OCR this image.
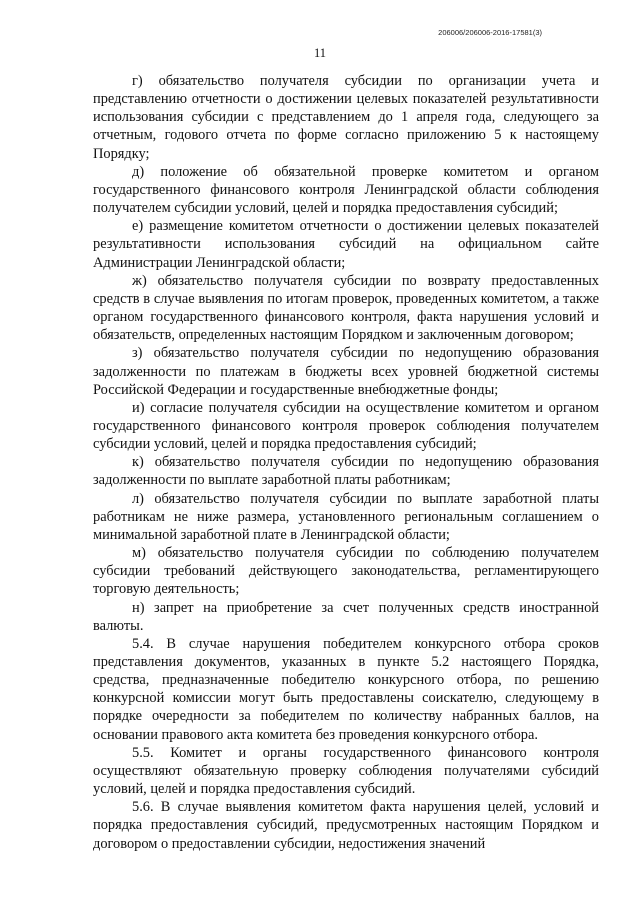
206006/206006-2016-17581(3)
11

г) обязательство получателя субсидии по организации учета и представлению отчетности о достижении целевых показателей результативности использования субсидии с представлением до 1 апреля года, следующего за отчетным, годового отчета по форме согласно приложению 5 к настоящему Порядку;

д) положение об обязательной проверке комитетом и органом государственного финансового контроля Ленинградской области соблюдения получателем субсидии условий, целей и порядка предоставления субсидий;

е) размещение комитетом отчетности о достижении целевых показателей результативности использования субсидий на официальном сайте Администрации Ленинградской области;

ж) обязательство получателя субсидии по возврату предоставленных средств в случае выявления по итогам проверок, проведенных комитетом, а также органом государственного финансового контроля, факта нарушения условий и обязательств, определенных настоящим Порядком и заключенным договором;

з) обязательство получателя субсидии по недопущению образования задолженности по платежам в бюджеты всех уровней бюджетной системы Российской Федерации и государственные внебюджетные фонды;

и) согласие получателя субсидии на осуществление комитетом и органом государственного финансового контроля проверок соблюдения получателем субсидии условий, целей и порядка предоставления субсидий;

к) обязательство получателя субсидии по недопущению образования задолженности по выплате заработной платы работникам;

л) обязательство получателя субсидии по выплате заработной платы работникам не ниже размера, установленного региональным соглашением о минимальной заработной плате в Ленинградской области;

м) обязательство получателя субсидии по соблюдению получателем субсидии требований действующего законодательства, регламентирующего торговую деятельность;

н) запрет на приобретение за счет полученных средств иностранной валюты.

5.4. В случае нарушения победителем конкурсного отбора сроков представления документов, указанных в пункте 5.2 настоящего Порядка, средства, предназначенные победителю конкурсного отбора, по решению конкурсной комиссии могут быть предоставлены соискателю, следующему в порядке очередности за победителем по количеству набранных баллов, на основании правового акта комитета без проведения конкурсного отбора.

5.5. Комитет и органы государственного финансового контроля осуществляют обязательную проверку соблюдения получателями субсидий условий, целей и порядка предоставления субсидий.

5.6. В случае выявления комитетом факта нарушения целей, условий и порядка предоставления субсидий, предусмотренных настоящим Порядком и договором о предоставлении субсидии, недостижения значений
